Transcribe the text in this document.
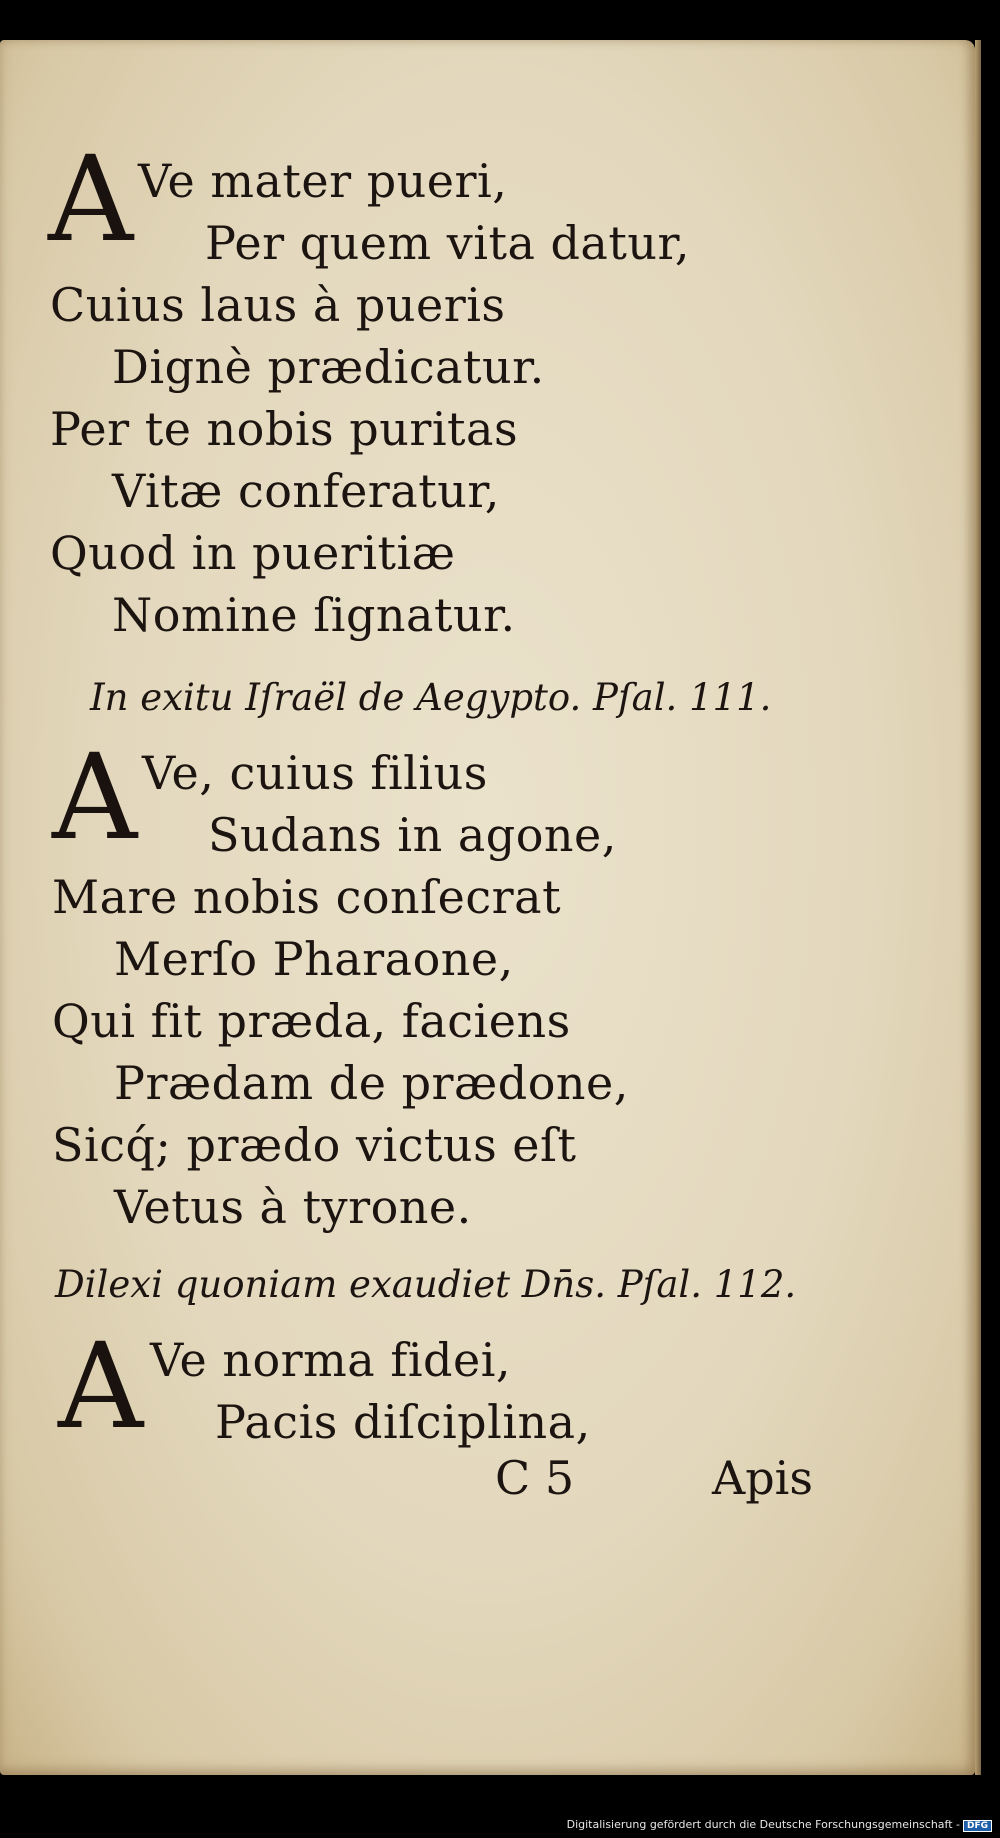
A Ve mater pueri,
Per quem vita datur,
Cuius laus à pueris
Dignè prædicatur.
Per te nobis puritas
Vitæ conferatur,
Quod in pueritiæ
Nomine ſignatur.
In exitu Iſraël de Aegypto. Pſal. 111.
A Ve, cuius filius
Sudans in agone,
Mare nobis conſecrat
Merſo Pharaone,
Qui fit præda, faciens
Prædam de prædone,
Sicq́; prædo victus eſt
Vetus à tyrone.
Dilexi quoniam exaudiet Dn̄s. Pſal. 112.
A Ve norma fidei,
Pacis diſciplina,
C 5	Apis
Digitalisierung gefördert durch die Deutsche Forschungsgemeinschaft - DFG
